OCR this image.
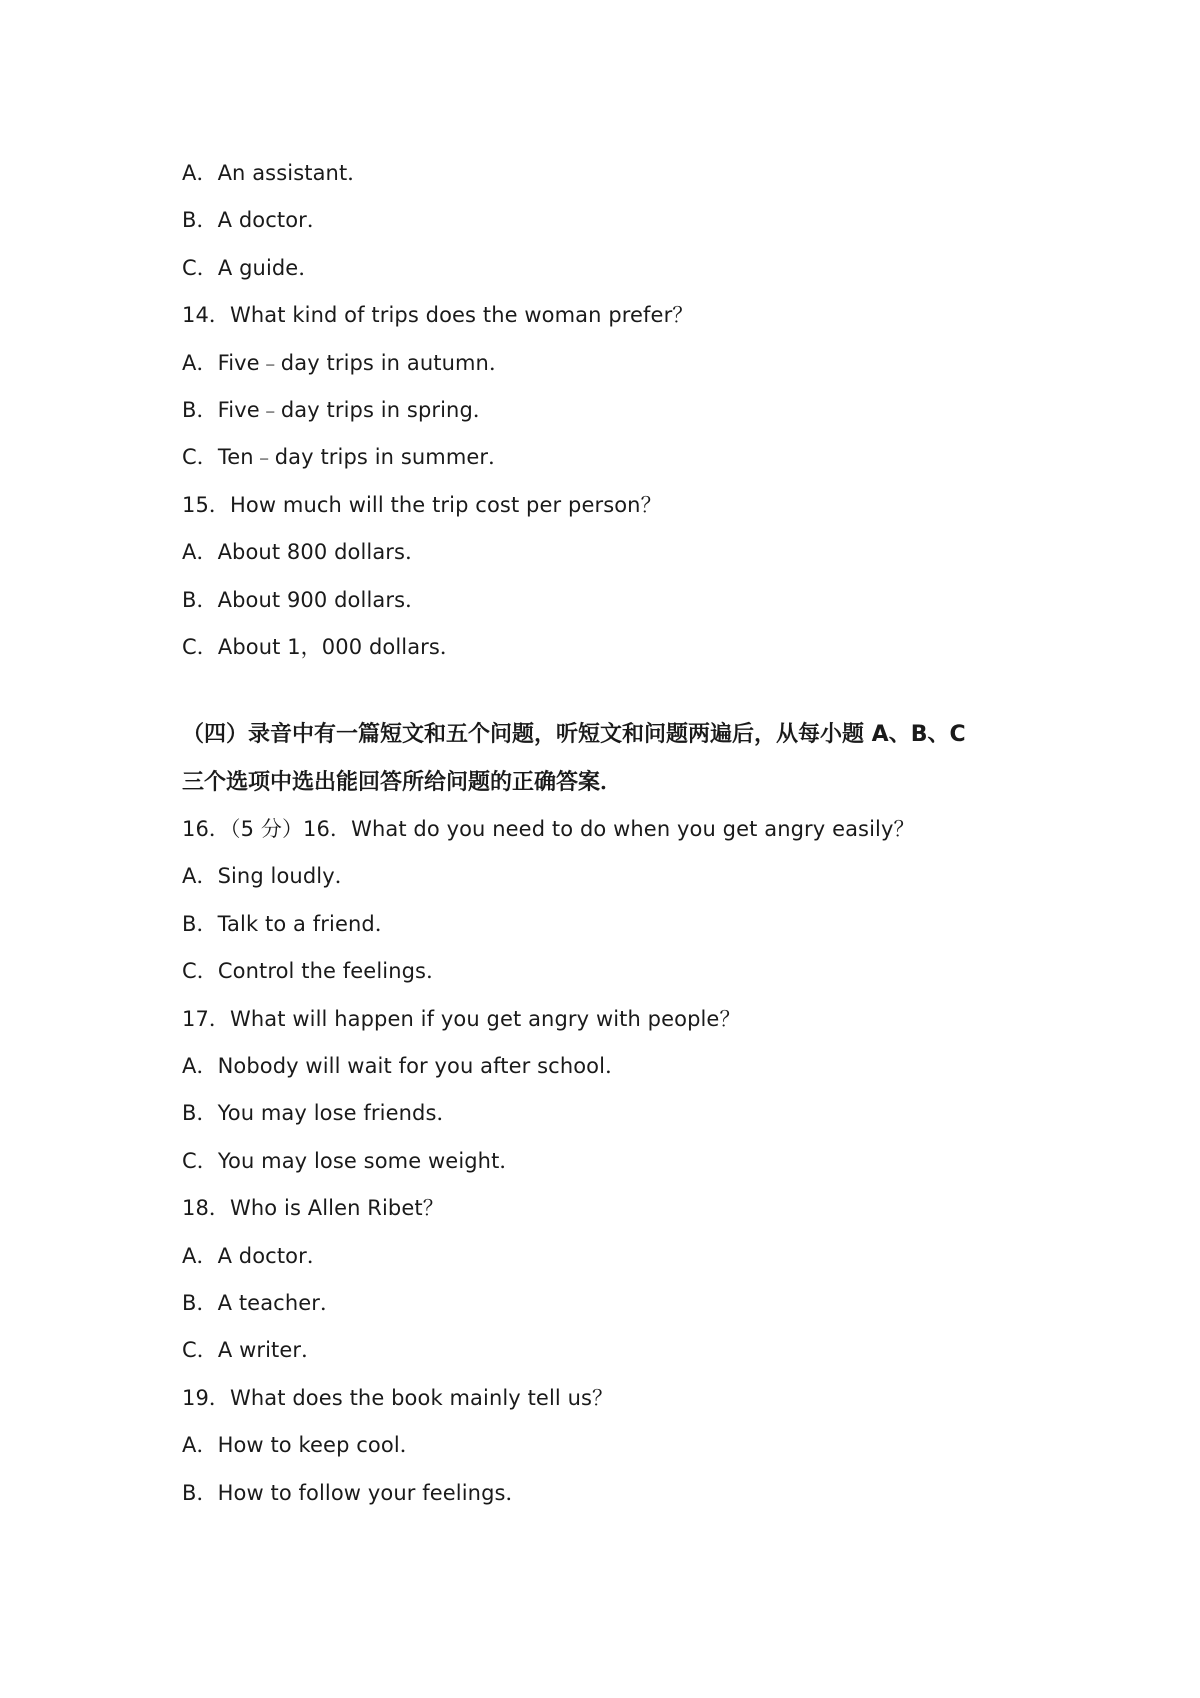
A．An assistant．
B．A doctor．
C．A guide．
14．What kind of trips does the woman prefer？
A．Five﹣day trips in autumn．
B．Five﹣day trips in spring．
C．Ten﹣day trips in summer．
15．How much will the trip cost per person？
A．About 800 dollars．
B．About 900 dollars．
C．About 1，000 dollars．
（四）录音中有一篇短文和五个问题，听短文和问题两遍后，从每小题 A、B、C
三个选项中选出能回答所给问题的正确答案．
16．（5 分）16．What do you need to do when you get angry easily？
A．Sing loudly．
B．Talk to a friend．
C．Control the feelings．
17．What will happen if you get angry with people？
A．Nobody will wait for you after school．
B．You may lose friends．
C．You may lose some weight．
18．Who is Allen Ribet？
A．A doctor．
B．A teacher．
C．A writer．
19．What does the book mainly tell us？
A．How to keep cool．
B．How to follow your feelings．
